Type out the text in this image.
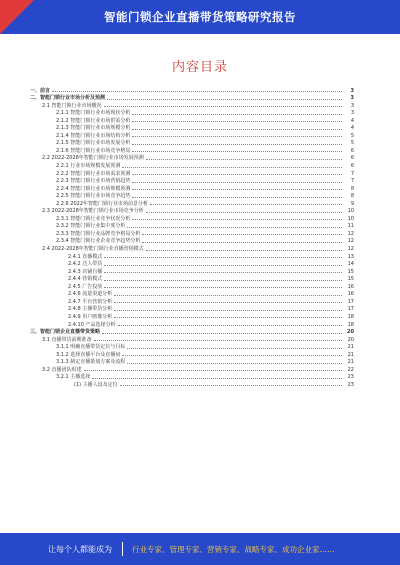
智能门锁企业直播带货策略研究报告
内容目录
一、前言	3
二、智能门锁行业市场分析及预测	3
2.1 智能门锁行业市场概况	3
2.1.1 智能门锁行业市场现状分析	3
2.1.2 智能门锁行业市场供需分析	4
2.1.3 智能门锁行业市场规模分析	4
2.1.4 智能门锁行业市场结构分析	5
2.1.5 智能门锁行业市场发展分析	5
2.1.6 智能门锁行业市场竞争格局	6
2.2 2022-2028年智能门锁行业市场发展预测	6
2.2.1 行业市场规模发展预测	6
2.2.2 智能门锁行业市场需求预测	7
2.2.3 智能门锁行业市场营销趋势	7
2.2.4 智能门锁行业市场规模预测	8
2.2.5 智能门锁行业市场竞争趋势	8
2.2.6 2022年智能门锁行业市场前景分析	9
2.3 2022-2028年智能门锁行业市场竞争分析	10
2.3.1 智能门锁行业竞争状况分析	10
2.3.2 智能门锁行业集中度分析	11
2.3.3 智能门锁行业品牌竞争格局分析	12
2.3.4 智能门锁行业企业竞争趋势分析	12
2.4 2022-2028年智能门锁行业直播营销模式	12
2.4.1 直播模式	13
2.4.2 达人带货	14
2.4.3 店铺自播	15
2.4.4 营销模式	15
2.4.5 广告投放	16
2.4.6 流量渠道分析	16
2.4.7 平台营销分析	17
2.4.8 主播带货分析	17
2.4.9 用户画像分析	18
2.4.10 产品选择分析	18
三、智能门锁企业直播带货策略	20
3.1 直播带货前期准备	20
3.1.1 明确直播带货定位与目标	21
3.1.2 选择直播平台及直播间	21
3.1.3 制定直播策划方案及流程	21
3.2 直播团队组建	22
3.2.1 主播选择	23
(1) 主播人设及定位	23
让每个人都能成为	行业专家、管理专家、营销专家、战略专家、成功企业家……
